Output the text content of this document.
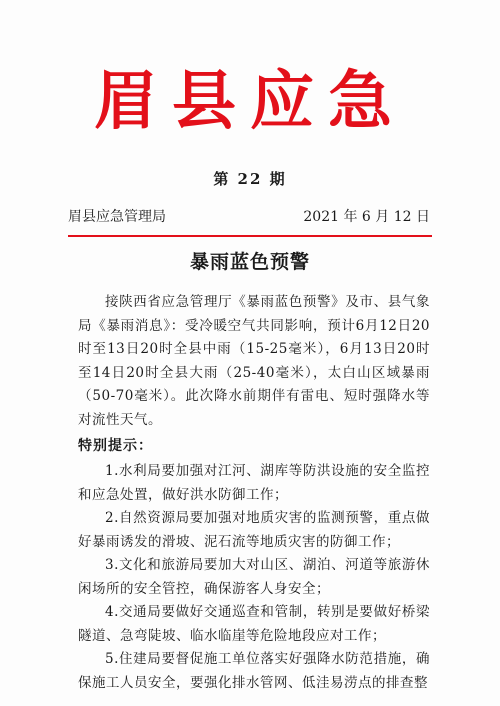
眉县应急
第 22 期
眉县应急管理局	2021 年 6 月 12 日
暴雨蓝色预警
接陕西省应急管理厅《暴雨蓝色预警》及市、县气象局《暴雨消息》：受冷暖空气共同影响，预计6月12日20时至13日20时全县中雨（15-25毫米），6月13日20时至14日20时全县大雨（25-40毫米），太白山区域暴雨（50-70毫米）。此次降水前期伴有雷电、短时强降水等对流性天气。
特别提示：

1.水利局要加强对江河、湖库等防洪设施的安全监控和应急处置，做好洪水防御工作；

2.自然资源局要加强对地质灾害的监测预警，重点做好暴雨诱发的滑坡、泥石流等地质灾害的防御工作；

3.文化和旅游局要加大对山区、湖泊、河道等旅游休闲场所的安全管控，确保游客人身安全；

4.交通局要做好交通巡查和管制，转别是要做好桥梁隧道、急弯陡坡、临水临崖等危险地段应对工作；

5.住建局要督促施工单位落实好强降水防范措施，确保施工人员安全，要强化排水管网、低洼易涝点的排查整
